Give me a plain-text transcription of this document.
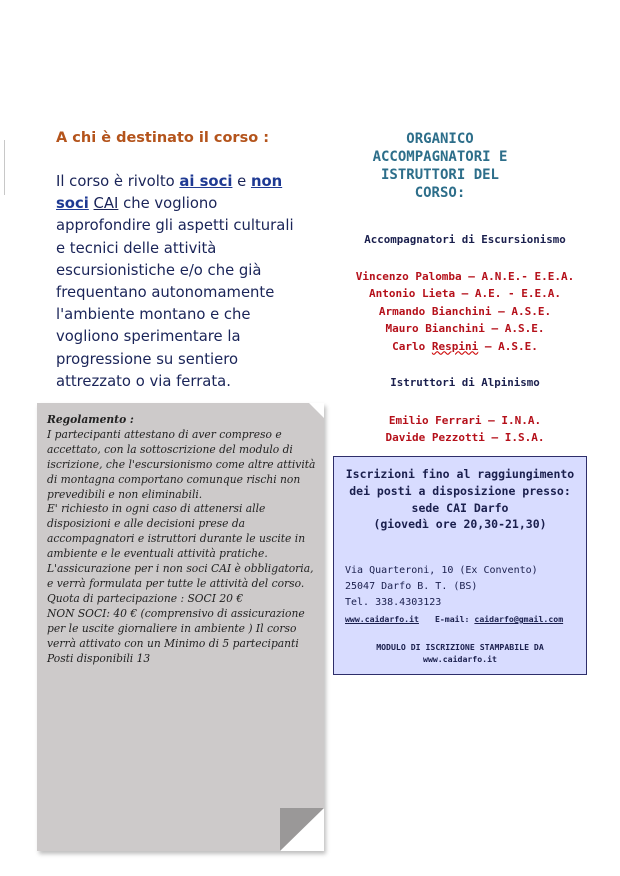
A chi è destinato il corso :
Il corso è rivolto ai soci e non soci CAI che vogliono approfondire gli aspetti culturali e tecnici delle attività escursionistiche e/o che già frequentano autonomamente l'ambiente montano e che vogliono sperimentare la progressione su sentiero attrezzato o via ferrata.

Regolamento :

I partecipanti attestano di aver compreso e accettato, con la sottoscrizione del modulo di iscrizione, che l'escursionismo come altre attività di montagna comportano comunque rischi non prevedibili e non eliminabili.

E' richiesto in ogni caso di attenersi alle disposizioni e alle decisioni prese da accompagnatori e istruttori durante le uscite in ambiente e le eventuali attività pratiche.

L'assicurazione per i non soci CAI è obbligatoria, e verrà formulata per tutte le attività del corso.

Quota di partecipazione : SOCI 20 €

NON SOCI: 40 € (comprensivo di assicurazione per le uscite giornaliere in ambiente ) Il corso verrà attivato con un Minimo di 5 partecipanti

Posti disponibili 13

ORGANICO
ACCOMPAGNATORI E
ISTRUTTORI DEL
CORSO:
Accompagnatori di Escursionismo
Vincenzo Palomba – A.N.E.- E.E.A.
Antonio Lieta – A.E. - E.E.A.
Armando Bianchini – A.S.E.
Mauro Bianchini – A.S.E.
Carlo Respini – A.S.E.
Istruttori di Alpinismo
Emilio Ferrari – I.N.A.
Davide Pezzotti – I.S.A.
Iscrizioni fino al raggiungimento
dei posti a disposizione presso:
sede CAI Darfo
(giovedì ore 20,30-21,30)
Via Quarteroni, 10 (Ex Convento)
25047 Darfo B. T. (BS)
Tel. 338.4303123
www.caidarfo.it E-mail: caidarfo@gmail.com
MODULO DI ISCRIZIONE STAMPABILE DA
www.caidarfo.it
